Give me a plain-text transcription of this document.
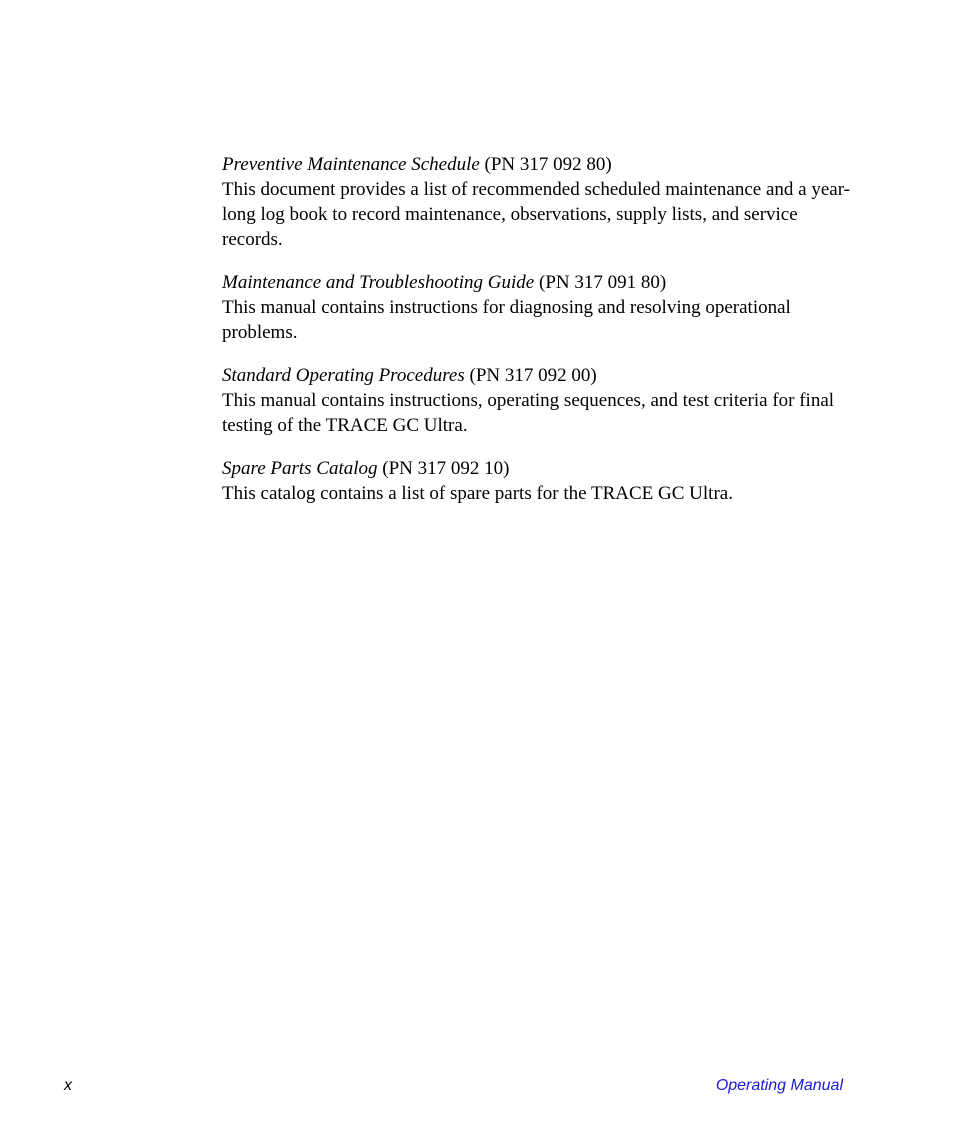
Preventive Maintenance Schedule (PN 317 092 80)
This document provides a list of recommended scheduled maintenance and a year-long log book to record maintenance, observations, supply lists, and service records.
Maintenance and Troubleshooting Guide (PN 317 091 80)
This manual contains instructions for diagnosing and resolving operational problems.
Standard Operating Procedures (PN 317 092 00)
This manual contains instructions, operating sequences, and test criteria for final testing of the TRACE GC Ultra.
Spare Parts Catalog (PN 317 092 10)
This catalog contains a list of spare parts for the TRACE GC Ultra.
x	Operating Manual
